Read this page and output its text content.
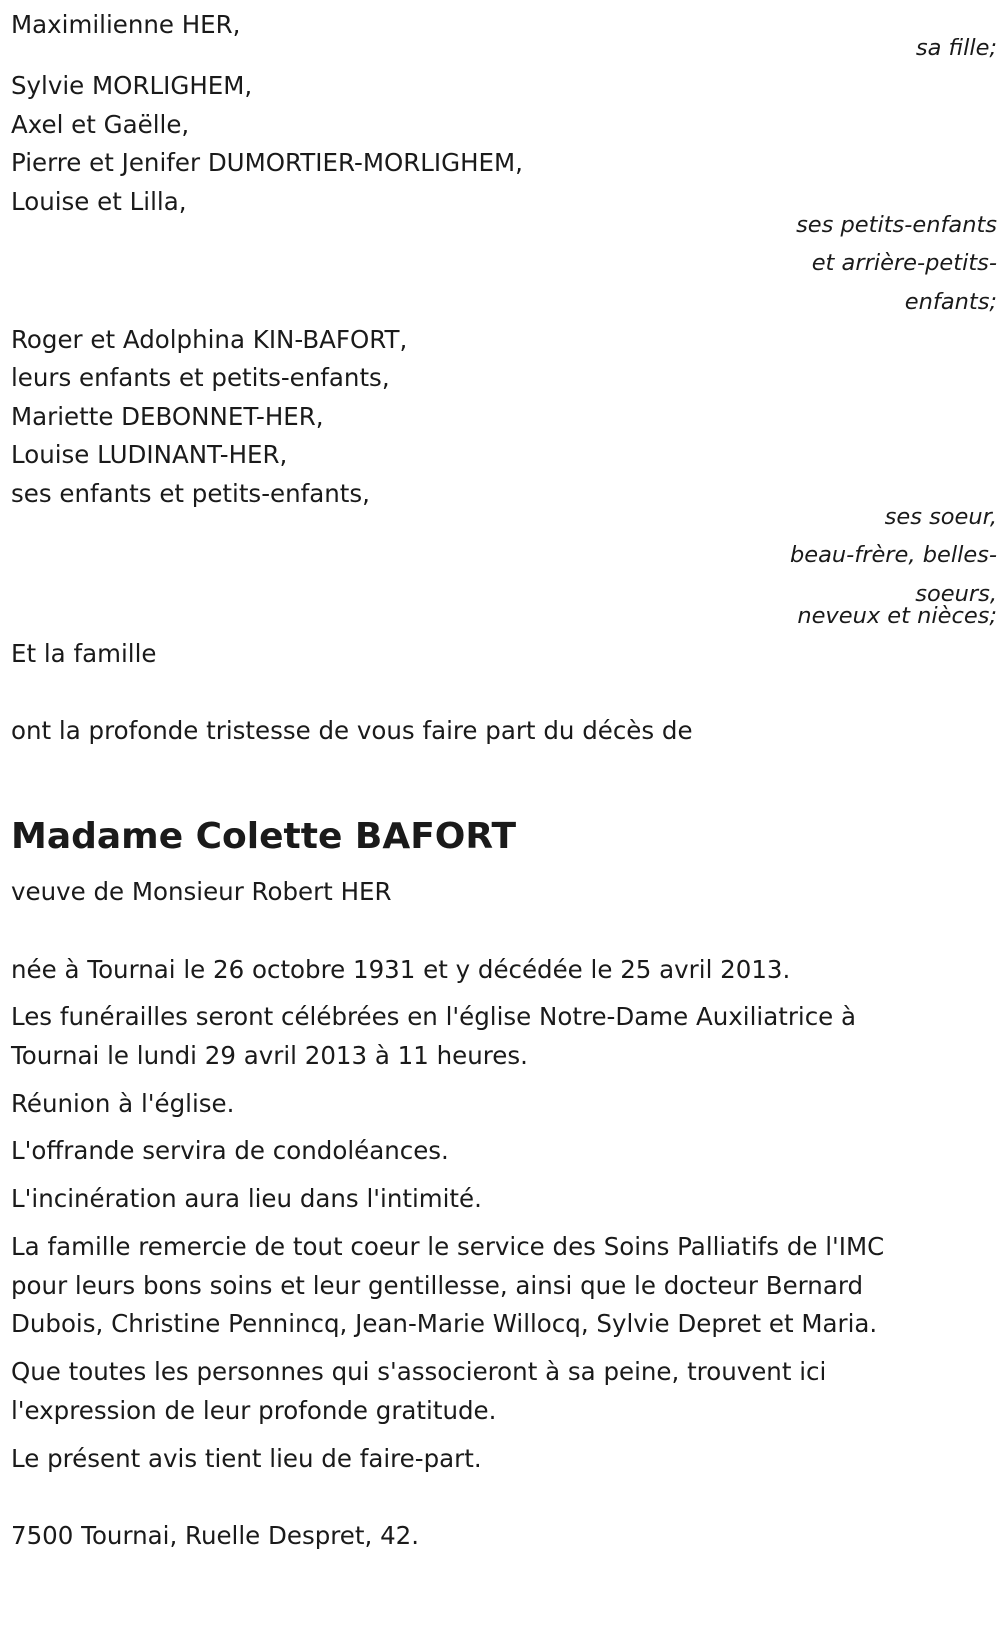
Maximilienne HER,

sa fille;

Sylvie MORLIGHEM,

Axel et Gaëlle,

Pierre et Jenifer DUMORTIER-MORLIGHEM,

Louise et Lilla,

ses petits-enfants

et arrière-petits-

enfants;

Roger et Adolphina KIN-BAFORT,

leurs enfants et petits-enfants,

Mariette DEBONNET-HER,

Louise LUDINANT-HER,

ses enfants et petits-enfants,

ses soeur,

beau-frère, belles-

soeurs,

neveux et nièces;

Et la famille

ont la profonde tristesse de vous faire part du décès de

Madame Colette BAFORT

veuve de Monsieur Robert HER

née à Tournai le 26 octobre 1931 et y décédée le 25 avril 2013.

Les funérailles seront célébrées en l'église Notre-Dame Auxiliatrice à

Tournai le lundi 29 avril 2013 à 11 heures.

Réunion à l'église.

L'offrande servira de condoléances.

L'incinération aura lieu dans l'intimité.

La famille remercie de tout coeur le service des Soins Palliatifs de l'IMC

pour leurs bons soins et leur gentillesse, ainsi que le docteur Bernard

Dubois, Christine Pennincq, Jean-Marie Willocq, Sylvie Depret et Maria.

Que toutes les personnes qui s'associeront à sa peine, trouvent ici

l'expression de leur profonde gratitude.

Le présent avis tient lieu de faire-part.

7500 Tournai, Ruelle Despret, 42.
